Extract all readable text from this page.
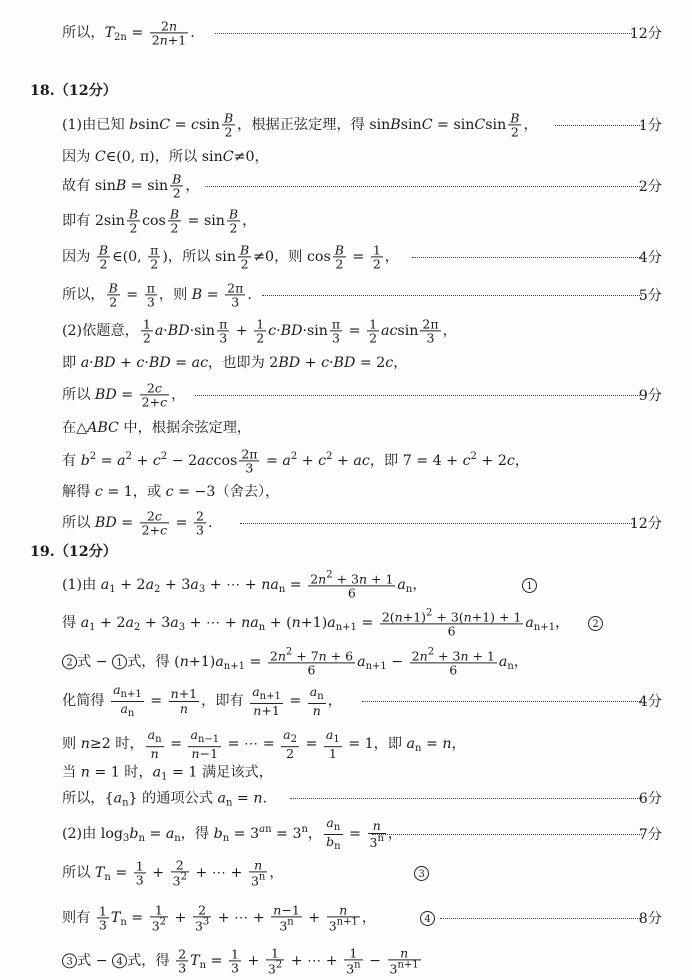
所以，$T_{2n} = \frac{2n}{2n+1}$ .	12分
18.（12分）
(1)由已知 bsinC = csin $\frac{B}{2}$ ，根据正弦定理，得 sinBsinC = sinCsin $\frac{B}{2}$ ，	1分
因为 C∈(0, π)，所以 sinC≠0，
故有 $\sin B = \sin \frac{B}{2}$ ，	2分
即有 $2\sin \frac{B}{2}$ $\cos \frac{B}{2} = \sin \frac{B}{2}$ ，
因为 $\frac{B}{2}$ ∈(0, $\frac{\pi}{2}$ )，所以 $\sin \frac{B}{2} \ne 0$，则 $\cos \frac{B}{2} = \frac{1}{2}$ ，	4分
所以， $\frac{B}{2} = \frac{\pi}{3}$ ，则 $B = \frac{2\pi}{3}$ .	5分
(2)依题意， $\frac{1}{2} a\cdot BD\cdot\sin \frac{\pi}{3} + \frac{1}{2} c\cdot BD\cdot\sin \frac{\pi}{3} = \frac{1}{2}$ acsin $\frac{2\pi}{3}$ ，
即 a·BD + c·BD = ac，也即为 2BD + c·BD = 2c，
所以 BD = $\frac{2c}{2+c}$ ，	9分
在△ABC 中，根据余弦定理，
有 $b^2 = a^2 + c^2 - 2accos \frac{2\pi}{3} = a^2 + c^2$ + ac，即 $7 = 4 + c^2 + 2c$，
解得 c = 1，或 c = −3（舍去），
所以 BD = $\frac{2c}{2+c} = \frac{2}{3}$ .	12分
19.（12分）
(1)由 $a_1 + 2a_2 + 3a_3$ + ⋯ + $na_n = \frac{2n^2 + 3n + 1}{6} a_n$，	1
得 $a_1 + 2a_2 + 3a_3$ + ⋯ + $na_n + (n+1)a_{n+1} = \frac{2(n+1)^2 + 3(n+1) + 1}{6} a_{n+1}$，	2
2 式 − 1 式，得 $(n+1)a_{n+1} = \frac{2n^2 + 7n + 6}{6} a_{n+1} - \frac{2n^2 + 3n + 1}{6} a_n$，
化简得 $\frac{a_{n+1}}{a_n} = \frac{n+1}{n}$ ，即有 $\frac{a_{n+1}}{n+1} = \frac{a_n}{n}$ ，	4分
则 n≥2 时， $\frac{a_n}{n} = \frac{a_{n-1}}{n-1}$ = ⋯ = $\frac{a_2}{2} = \frac{a_1}{1} = 1$，即 $a_n = n$，
当 n = 1 时，$a_1 = 1$ 满足该式，
所以，$\{a_n\}$ 的通项公式 $a_n = n$.	6分
(2)由 $\log_3b_n = a_n$，得 $b_n = 3^{an} = 3^n$， $\frac{a_n}{b_n} = \frac{n}{3^n}$ ，	7分
所以 $T_n = \frac{1}{3} + \frac{2}{3^2}$ + ⋯ + $\frac{n}{3^n}$ ，	3
则有 $\frac{1}{3} T_n = \frac{1}{3^2} + \frac{2}{3^3}$ + ⋯ + $\frac{n-1}{3^n} + \frac{n}{3^{n+1}}$ ，	4	8分
3 式 − 4 式，得 $\frac{2}{3} T_n = \frac{1}{3} + \frac{1}{3^2}$ + ⋯ + $\frac{1}{3^n} - \frac{n}{3^{n+1}}$
